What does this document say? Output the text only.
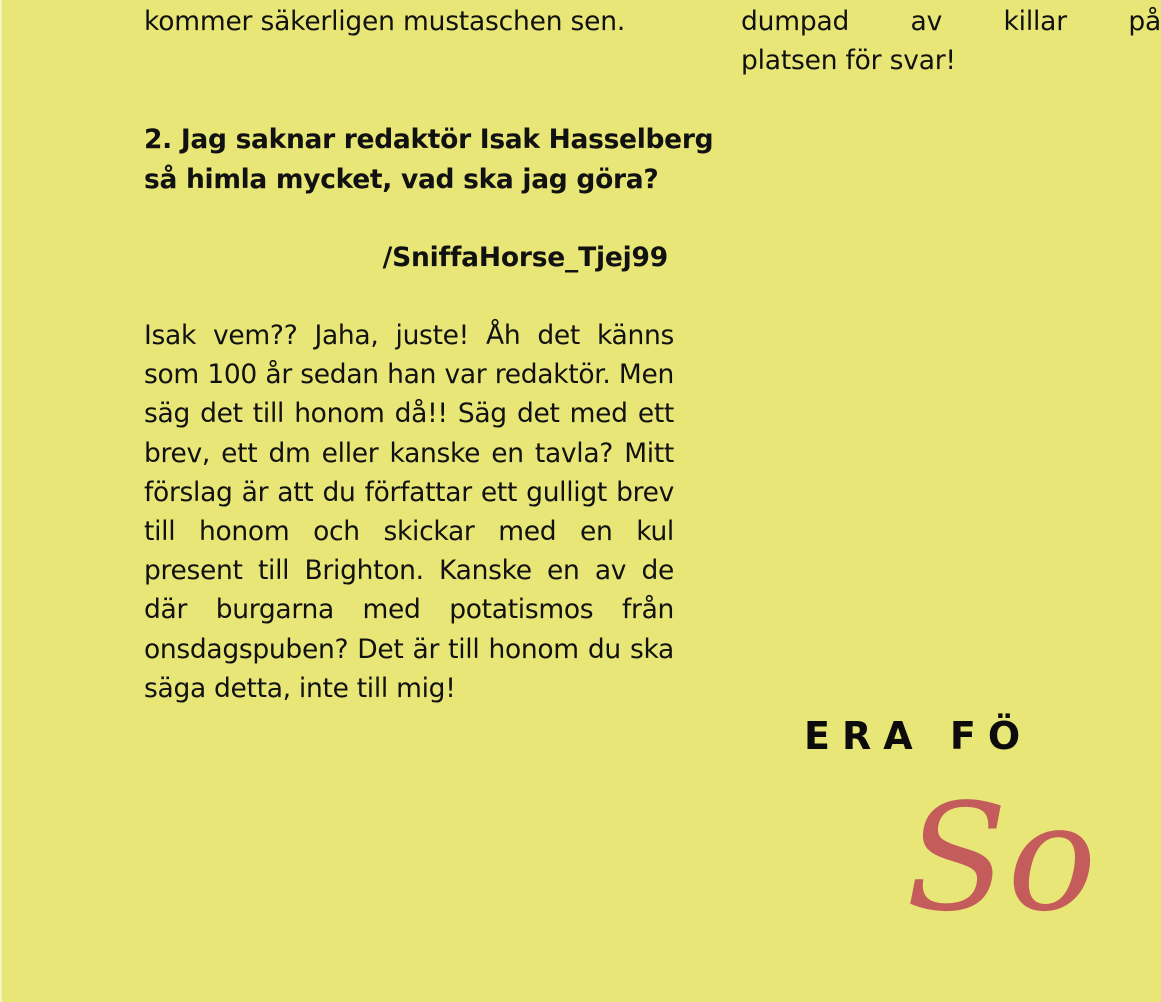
kommer säkerligen mustaschen sen.
2. Jag saknar redaktör Isak Hasselberg
så himla mycket, vad ska jag göra?
/SniffaHorse_Tjej99
Isak vem?? Jaha, juste! Åh det känns
som 100 år sedan han var redaktör. Men
säg det till honom då!! Säg det med ett
brev, ett dm eller kanske en tavla? Mitt
förslag är att du författar ett gulligt brev
till honom och skickar med en kul
present till Brighton. Kanske en av de
där burgarna med potatismos från
onsdagspuben? Det är till honom du ska
säga detta, inte till mig!
dumpad av killar på
platsen för svar!
ERA FÖ
So
